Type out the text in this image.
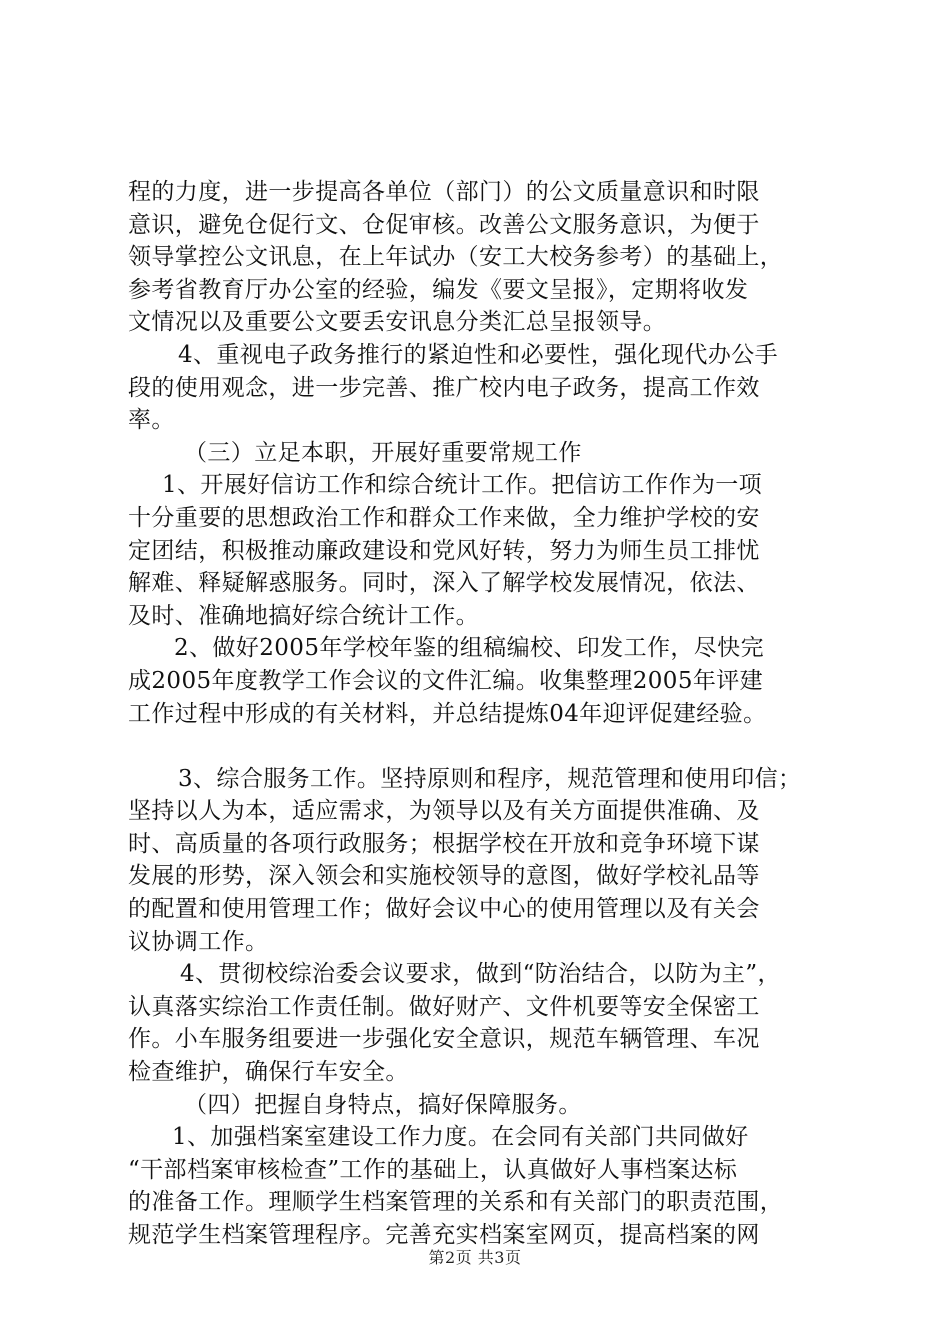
程的力度，进一步提高各单位（部门）的公文质量意识和时限
意识，避免仓促行文、仓促审核。改善公文服务意识，为便于
领导掌控公文讯息，在上年试办（安工大校务参考）的基础上，
参考省教育厅办公室的经验，编发《要文呈报》，定期将收发
文情况以及重要公文要丢安讯息分类汇总呈报领导。
4、重视电子政务推行的紧迫性和必要性，强化现代办公手
段的使用观念，进一步完善、推广校内电子政务，提高工作效
率。
（三）立足本职，开展好重要常规工作
1、开展好信访工作和综合统计工作。把信访工作作为一项
十分重要的思想政治工作和群众工作来做，全力维护学校的安
定团结，积极推动廉政建设和党风好转，努力为师生员工排忧
解难、释疑解惑服务。同时，深入了解学校发展情况，依法、
及时、准确地搞好综合统计工作。
2、做好2005年学校年鉴的组稿编校、印发工作，尽快完
成2005年度教学工作会议的文件汇编。收集整理2005年评建
工作过程中形成的有关材料，并总结提炼04年迎评促建经验。
3、综合服务工作。坚持原则和程序，规范管理和使用印信；
坚持以人为本，适应需求，为领导以及有关方面提供准确、及
时、高质量的各项行政服务；根据学校在开放和竞争环境下谋
发展的形势，深入领会和实施校领导的意图，做好学校礼品等
的配置和使用管理工作；做好会议中心的使用管理以及有关会
议协调工作。
4、贯彻校综治委会议要求，做到“防治结合，以防为主”，
认真落实综治工作责任制。做好财产、文件机要等安全保密工
作。小车服务组要进一步强化安全意识，规范车辆管理、车况
检查维护，确保行车安全。
（四）把握自身特点，搞好保障服务。
1、加强档案室建设工作力度。在会同有关部门共同做好
“干部档案审核检查”工作的基础上，认真做好人事档案达标
的准备工作。理顺学生档案管理的关系和有关部门的职责范围，
规范学生档案管理程序。完善充实档案室网页，提高档案的网
第2页 共3页
